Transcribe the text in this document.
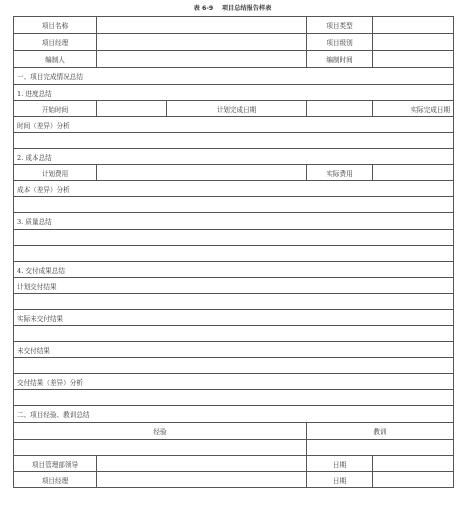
表 6-9 项目总结报告样表
项目名称			项目类型	
项目经理			项目级别	
编制人			编制时间	
一、项目完成情况总结				
1. 进度总结				
开始时间		计划完成日期		实际完成日期
时间（差异）分析				

2. 成本总结				
计划费用			实际费用	
成本（差异）分析				

3. 质量总结				

4. 交付成果总结				
计划交付结果				

实际未交付结果				

未交付结果				

交付结果（差异）分析				

二、项目经验、教训总结				
经验			教训	

项目管理部领导			日期	
项目经理			日期	
